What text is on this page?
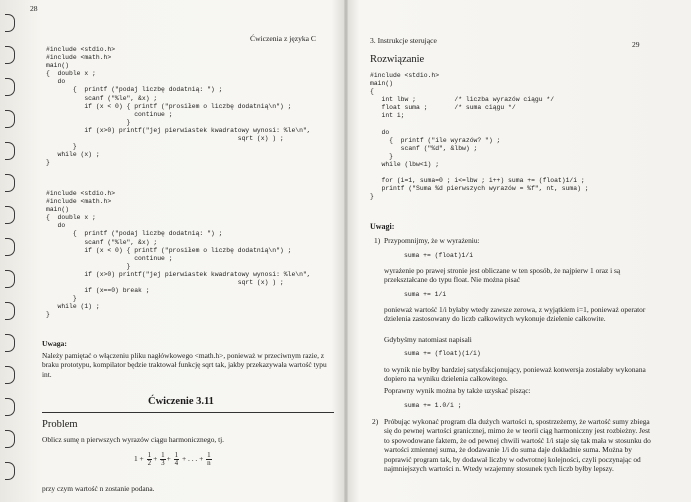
28
Ćwiczenia z języka C
#include <stdio.h>
#include <math.h>
main()
{  double x ;
do
{  printf ("podaj liczbę dodatnią: ") ;
scanf ("%le", &x) ;
if (x < 0) { printf ("prosiłem o liczbę dodatnią\n") ;
continue ;
}
if (x>0) printf("jej pierwiastek kwadratowy wynosi: %le\n",
sqrt (x) ) ;
}
while (x) ;
}
#include <stdio.h>
#include <math.h>
main()
{  double x ;
do
{  printf ("podaj liczbę dodatnią: ") ;
scanf ("%le", &x) ;
if (x < 0) { printf ("prosiłem o liczbę dodatnią\n") ;
continue ;
}
if (x>0) printf("jej pierwiastek kwadratowy wynosi: %le\n",
sqrt (x) ) ;
if (x==0) break ;
}
while (1) ;
}
Uwaga:
Należy pamiętać o włączeniu pliku nagłówkowego <math.h>, ponieważ w przeciwnym razie, z braku prototypu, kompilator będzie traktował funkcję sqrt tak, jakby przekazywała wartość typu int.
Ćwiczenie 3.11
Problem
Oblicz sumę n pierwszych wyrazów ciągu harmonicznego, tj.
$1 + \frac{1}{2} + \frac{1}{3} + \frac{1}{4}$ + . . . + $\frac{1}{n}$
przy czym wartość n zostanie podana.
3. Instrukcje sterujące	29
Rozwiązanie
#include <stdio.h>
main()
{
int lbw ;          /* liczba wyrazów ciągu */
float suma ;       /* suma ciągu */
int i;

do
{  printf ("ile wyrazów? ") ;
scanf ("%d", &lbw) ;
}
while (lbw<1) ;

for (i=1, suma=0 ; i<=lbw ; i++) suma += (float)1/i ;
printf ("Suma %d pierwszych wyrazów = %f", nt, suma) ;
}
Uwagi:
1) Przypomnijmy, że w wyrażeniu:
suma += (float)1/i
wyrażenie po prawej stronie jest obliczane w ten sposób, że najpierw 1 oraz i są przekształcane do typu float. Nie można pisać
suma += 1/i
ponieważ wartość 1/i byłaby wtedy zawsze zerowa, z wyjątkiem i=1, ponieważ operator dzielenia zastosowany do liczb całkowitych wykonuje dzielenie całkowite.
Gdybyśmy natomiast napisali
suma += (float)(1/i)
to wynik nie byłby bardziej satysfakcjonujący, ponieważ konwersja zostałaby wykonana dopiero na wyniku dzielenia całkowitego.
Poprawny wynik można by także uzyskać pisząc:
suma += 1.0/i ;
2) Próbując wykonać program dla dużych wartości n, spostrzeżemy, że wartość sumy zbiega się do pewnej wartości granicznej, mimo że w teorii ciąg harmoniczny jest rozbieżny. Jest to spowodowane faktem, że od pewnej chwili wartość 1/i staje się tak mała w stosunku do wartości zmiennej suma, że dodawanie 1/i do suma daje dokładnie suma. Można by poprawić program tak, by dodawał liczby w odwrotnej kolejności, czyli poczynając od najmniejszych wartości n. Wtedy wzajemny stosunek tych liczb byłby lepszy.
